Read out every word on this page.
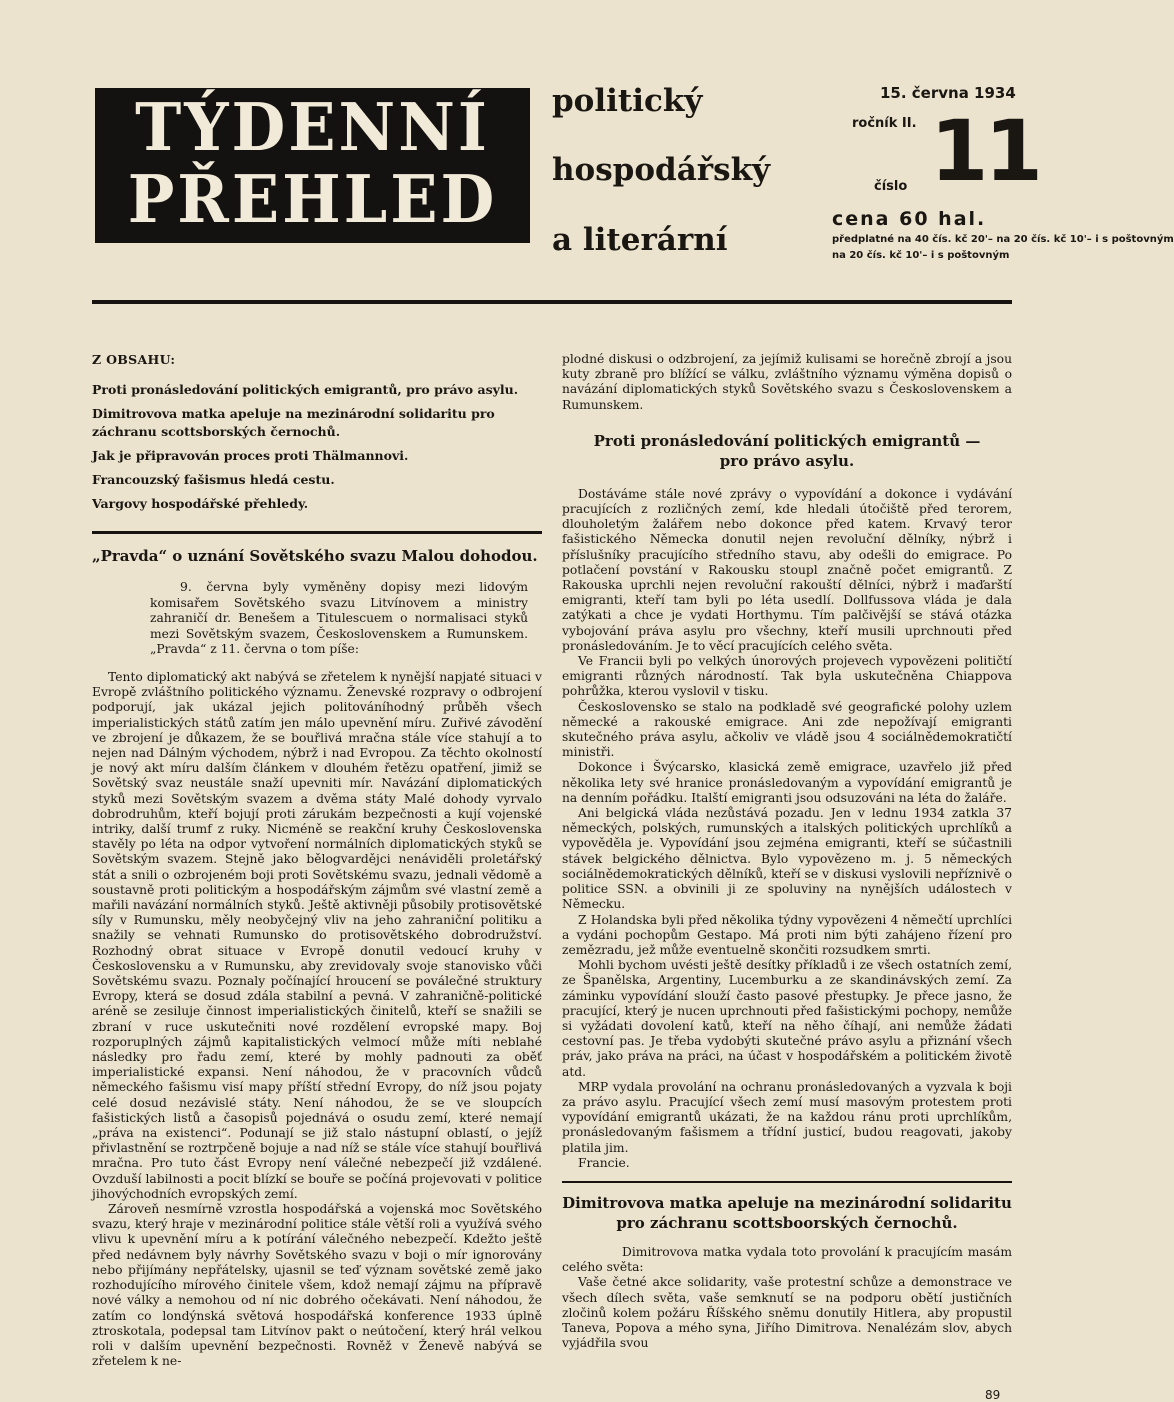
TÝDENNÍ
PŘEHLED
politický
hospodářský
a literární
15. června 1934
ročník II.
číslo 11
cena 60 hal.
předplatné na 40 čís. kč 20'– na 20 čís. kč 10'– i s poštovným
na 20 čís. kč 10'– i s poštovným
Z OBSAHU:
Proti pronásledování politických emigrantů, pro právo asylu.
Dimitrovova matka apeluje na mezinárodní solidaritu pro záchranu scottsborských černochů.
Jak je připravován proces proti Thälmannovi.
Francouzský fašismus hledá cestu.
Vargovy hospodářské přehledy.
„Pravda“ o uznání Sovětského svazu Malou dohodou.

9. června byly vyměněny dopisy mezi lidovým komisařem Sovětského svazu Litvínovem a ministry zahraničí dr. Benešem a Titulescuem o normalisaci styků mezi Sovětským svazem, Československem a Rumunskem. „Pravda“ z 11. června o tom píše:

Tento diplomatický akt nabývá se zřetelem k nynější napjaté situaci v Evropě zvláštního politického významu. Ženevské rozpravy o odbrojení podporují, jak ukázal jejich politováníhodný průběh všech imperialistických států zatím jen málo upevnění míru. Zuřivé závodění ve zbrojení je důkazem, že se bouřlivá mračna stále více stahují a to nejen nad Dálným východem, nýbrž i nad Evropou. Za těchto okolností je nový akt míru dalším článkem v dlouhém řetězu opatření, jimiž se Sovětský svaz neustále snaží upevniti mír. Navázání diplomatických styků mezi Sovětským svazem a dvěma státy Malé dohody vyrvalo dobrodruhům, kteří bojují proti zárukám bezpečnosti a kují vojenské intriky, další trumf z ruky. Nicméně se reakční kruhy Československa stavěly po léta na odpor vytvoření normálních diplomatických styků se Sovětským svazem. Stejně jako bělogvardějci nenáviděli proletářský stát a snili o ozbrojeném boji proti Sovětskému svazu, jednali vědomě a soustavně proti politickým a hospodářským zájmům své vlastní země a mařili navázání normálních styků. Ještě aktivněji působily protisovětské síly v Rumunsku, měly neobyčejný vliv na jeho zahraniční politiku a snažily se vehnati Rumunsko do protisovětského dobrodružství. Rozhodný obrat situace v Evropě donutil vedoucí kruhy v Československu a v Rumunsku, aby zrevidovaly svoje stanovisko vůči Sovětskému svazu. Poznaly počínající hroucení se poválečné struktury Evropy, která se dosud zdála stabilní a pevná. V zahraničně-politické aréně se zesiluje činnost imperialistických činitelů, kteří se snažili se zbraní v ruce uskutečniti nové rozdělení evropské mapy. Boj rozporuplných zájmů kapitalistických velmocí může míti neblahé následky pro řadu zemí, které by mohly padnouti za oběť imperialistické expansi. Není náhodou, že v pracovních vůdců německého fašismu visí mapy příští střední Evropy, do níž jsou pojaty celé dosud nezávislé státy. Není náhodou, že se ve sloupcích fašistických listů a časopisů pojednává o osudu zemí, které nemají „práva na existenci“. Podunají se již stalo nástupní oblastí, o jejíž přivlastnění se roztrpčeně bojuje a nad níž se stále více stahují bouřlivá mračna. Pro tuto část Evropy není válečné nebezpečí již vzdálené. Ovzduší labilnosti a pocit blízkí se bouře se počíná projevovati v politice jihovýchodních evropských zemí.

Zároveň nesmírně vzrostla hospodářská a vojenská moc Sovětského svazu, který hraje v mezinárodní politice stále větší roli a využívá svého vlivu k upevnění míru a k potírání válečného nebezpečí. Kdežto ještě před nedávnem byly návrhy Sovětského svazu v boji o mír ignorovány nebo přijímány nepřátelsky, ujasnil se teď význam sovětské země jako rozhodujícího mírového činitele všem, kdož nemají zájmu na přípravě nové války a nemohou od ní nic dobrého očekávati. Není náhodou, že zatím co londýnská světová hospodářská konference 1933 úplně ztroskotala, podepsal tam Litvínov pakt o neútočení, který hrál velkou roli v dalším upevnění bezpečnosti. Rovněž v Ženevě nabývá se zřetelem k ne-

plodné diskusi o odzbrojení, za jejímiž kulisami se horečně zbrojí a jsou kuty zbraně pro blížící se válku, zvláštního významu výměna dopisů o navázání diplomatických styků Sovětského svazu s Československem a Rumunskem.

Proti pronásledování politických emigrantů —
pro právo asylu.

Dostáváme stále nové zprávy o vypovídání a dokonce i vydávání pracujících z rozličných zemí, kde hledali útočiště před terorem, dlouholetým žalářem nebo dokonce před katem. Krvavý teror fašistického Německa donutil nejen revoluční dělníky, nýbrž i příslušníky pracujícího středního stavu, aby odešli do emigrace. Po potlačení povstání v Rakousku stoupl značně počet emigrantů. Z Rakouska uprchli nejen revoluční rakouští dělníci, nýbrž i maďarští emigranti, kteří tam byli po léta usedlí. Dollfussova vláda je dala zatýkati a chce je vydati Horthymu. Tím palčivější se stává otázka vybojování práva asylu pro všechny, kteří musili uprchnouti před pronásledováním. Je to věcí pracujících celého světa.

Ve Francii byli po velkých únorových projevech vypovězeni političtí emigranti různých národností. Tak byla uskutečněna Chiappova pohrůžka, kterou vyslovil v tisku.

Československo se stalo na podkladě své geografické polohy uzlem německé a rakouské emigrace. Ani zde nepožívají emigranti skutečného práva asylu, ačkoliv ve vládě jsou 4 sociálnědemokratičtí ministři.

Dokonce i Švýcarsko, klasická země emigrace, uzavřelo již před několika lety své hranice pronásledovaným a vypovídání emigrantů je na denním pořádku. Italští emigranti jsou odsuzováni na léta do žaláře.

Ani belgická vláda nezůstává pozadu. Jen v lednu 1934 zatkla 37 německých, polských, rumunských a italských politických uprchlíků a vypověděla je. Vypovídání jsou zejména emigranti, kteří se súčastnili stávek belgického dělnictva. Bylo vypovězeno m. j. 5 německých sociálnědemokratických dělníků, kteří se v diskusi vyslovili nepříznivě o politice SSN. a obvinili ji ze spoluviny na nynějších událostech v Německu.

Z Holandska byli před několika týdny vypovězeni 4 němečtí uprchlíci a vydáni pochopům Gestapo. Má proti nim býti zahájeno řízení pro zemězradu, jež může eventuelně skončiti rozsudkem smrti.

Mohli bychom uvésti ještě desítky příkladů i ze všech ostatních zemí, ze Španělska, Argentiny, Lucemburku a ze skandinávských zemí. Za záminku vypovídání slouží často pasové přestupky. Je přece jasno, že pracující, který je nucen uprchnouti před fašistickými pochopy, nemůže si vyžádati dovolení katů, kteří na něho číhají, ani nemůže žádati cestovní pas. Je třeba vydobýti skutečné právo asylu a přiznání všech práv, jako práva na práci, na účast v hospodářském a politickém životě atd.

MRP vydala provolání na ochranu pronásledovaných a vyzvala k boji za právo asylu. Pracující všech zemí musí masovým protestem proti vypovídání emigrantů ukázati, že na každou ránu proti uprchlíkům, pronásledovaným fašismem a třídní justicí, budou reagovati, jakoby platila jim.

Francie.

Dimitrovova matka apeluje na mezinárodní solidaritu
pro záchranu scottsboorských černochů.

Dimitrovova matka vydala toto provolání k pracujícím masám celého světa:

Vaše četné akce solidarity, vaše protestní schůze a demonstrace ve všech dílech světa, vaše semknutí se na podporu obětí justičních zločinů kolem požáru Říšského sněmu donutily Hitlera, aby propustil Taneva, Popova a mého syna, Jiřího Dimitrova. Nenalézám slov, abych vyjádřila svou

89
